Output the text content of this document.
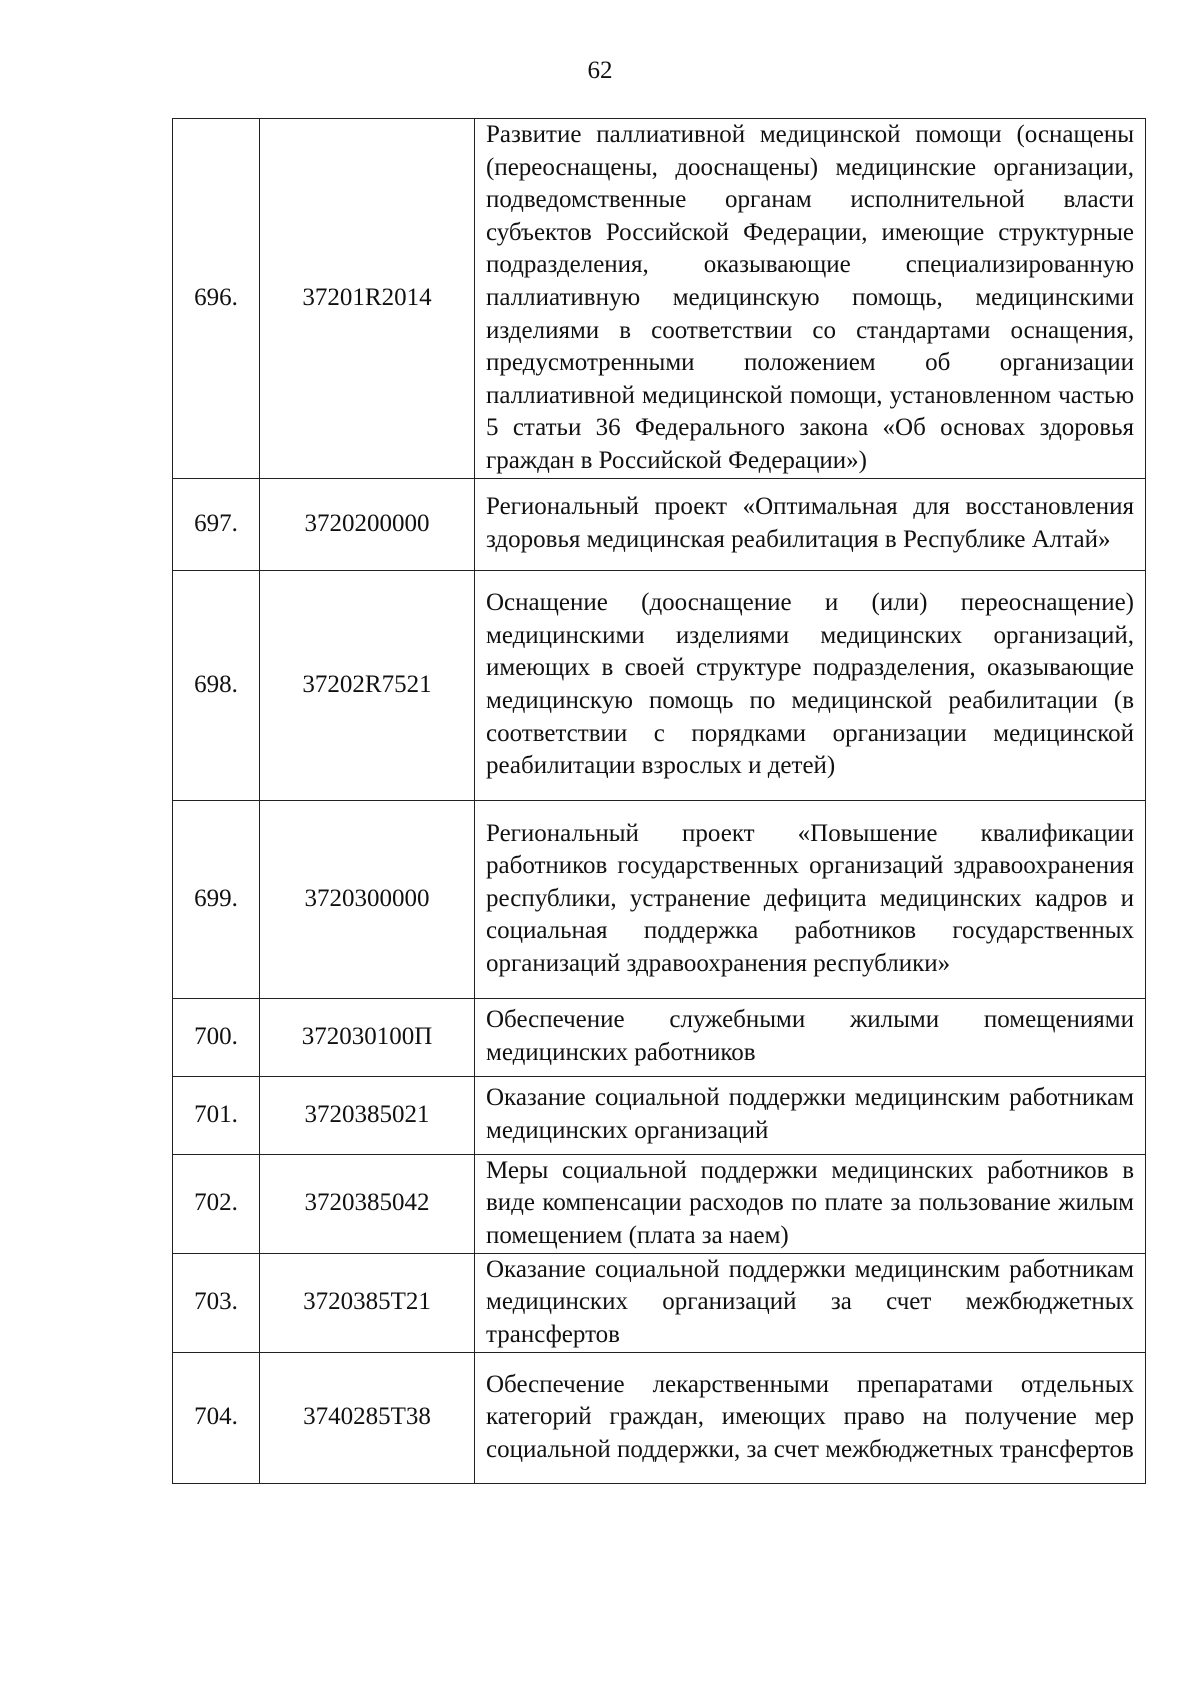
62
696.	37201R2014	Развитие паллиативной медицинской помощи (оснащены (переоснащены, дооснащены) медицинские организации, подведомственные органам исполнительной власти субъектов Российской Федерации, имеющие структурные подразделения, оказывающие специализированную паллиативную медицинскую помощь, медицинскими изделиями в соответствии со стандартами оснащения, предусмотренными положением об организации паллиативной медицинской помощи, установленном частью 5 статьи 36 Федерального закона «Об основах здоровья граждан в Российской Федерации»)
697.	3720200000	Региональный проект «Оптимальная для восстановления здоровья медицинская реабилитация в Республике Алтай»
698.	37202R7521	Оснащение (дооснащение и (или) переоснащение) медицинскими изделиями медицинских организаций, имеющих в своей структуре подразделения, оказывающие медицинскую помощь по медицинской реабилитации (в соответствии с порядками организации медицинской реабилитации взрослых и детей)
699.	3720300000	Региональный проект «Повышение квалификации работников государственных организаций здравоохранения республики, устранение дефицита медицинских кадров и социальная поддержка работников государственных организаций здравоохранения республики»
700.	372030100П	Обеспечение служебными жилыми помещениями медицинских работников
701.	3720385021	Оказание социальной поддержки медицинским работникам медицинских организаций
702.	3720385042	Меры социальной поддержки медицинских работников в виде компенсации расходов по плате за пользование жилым помещением (плата за наем)
703.	3720385Т21	Оказание социальной поддержки медицинским работникам медицинских организаций за счет межбюджетных трансфертов
704.	3740285Т38	Обеспечение лекарственными препаратами отдельных категорий граждан, имеющих право на получение мер социальной поддержки, за счет межбюджетных трансфертов
